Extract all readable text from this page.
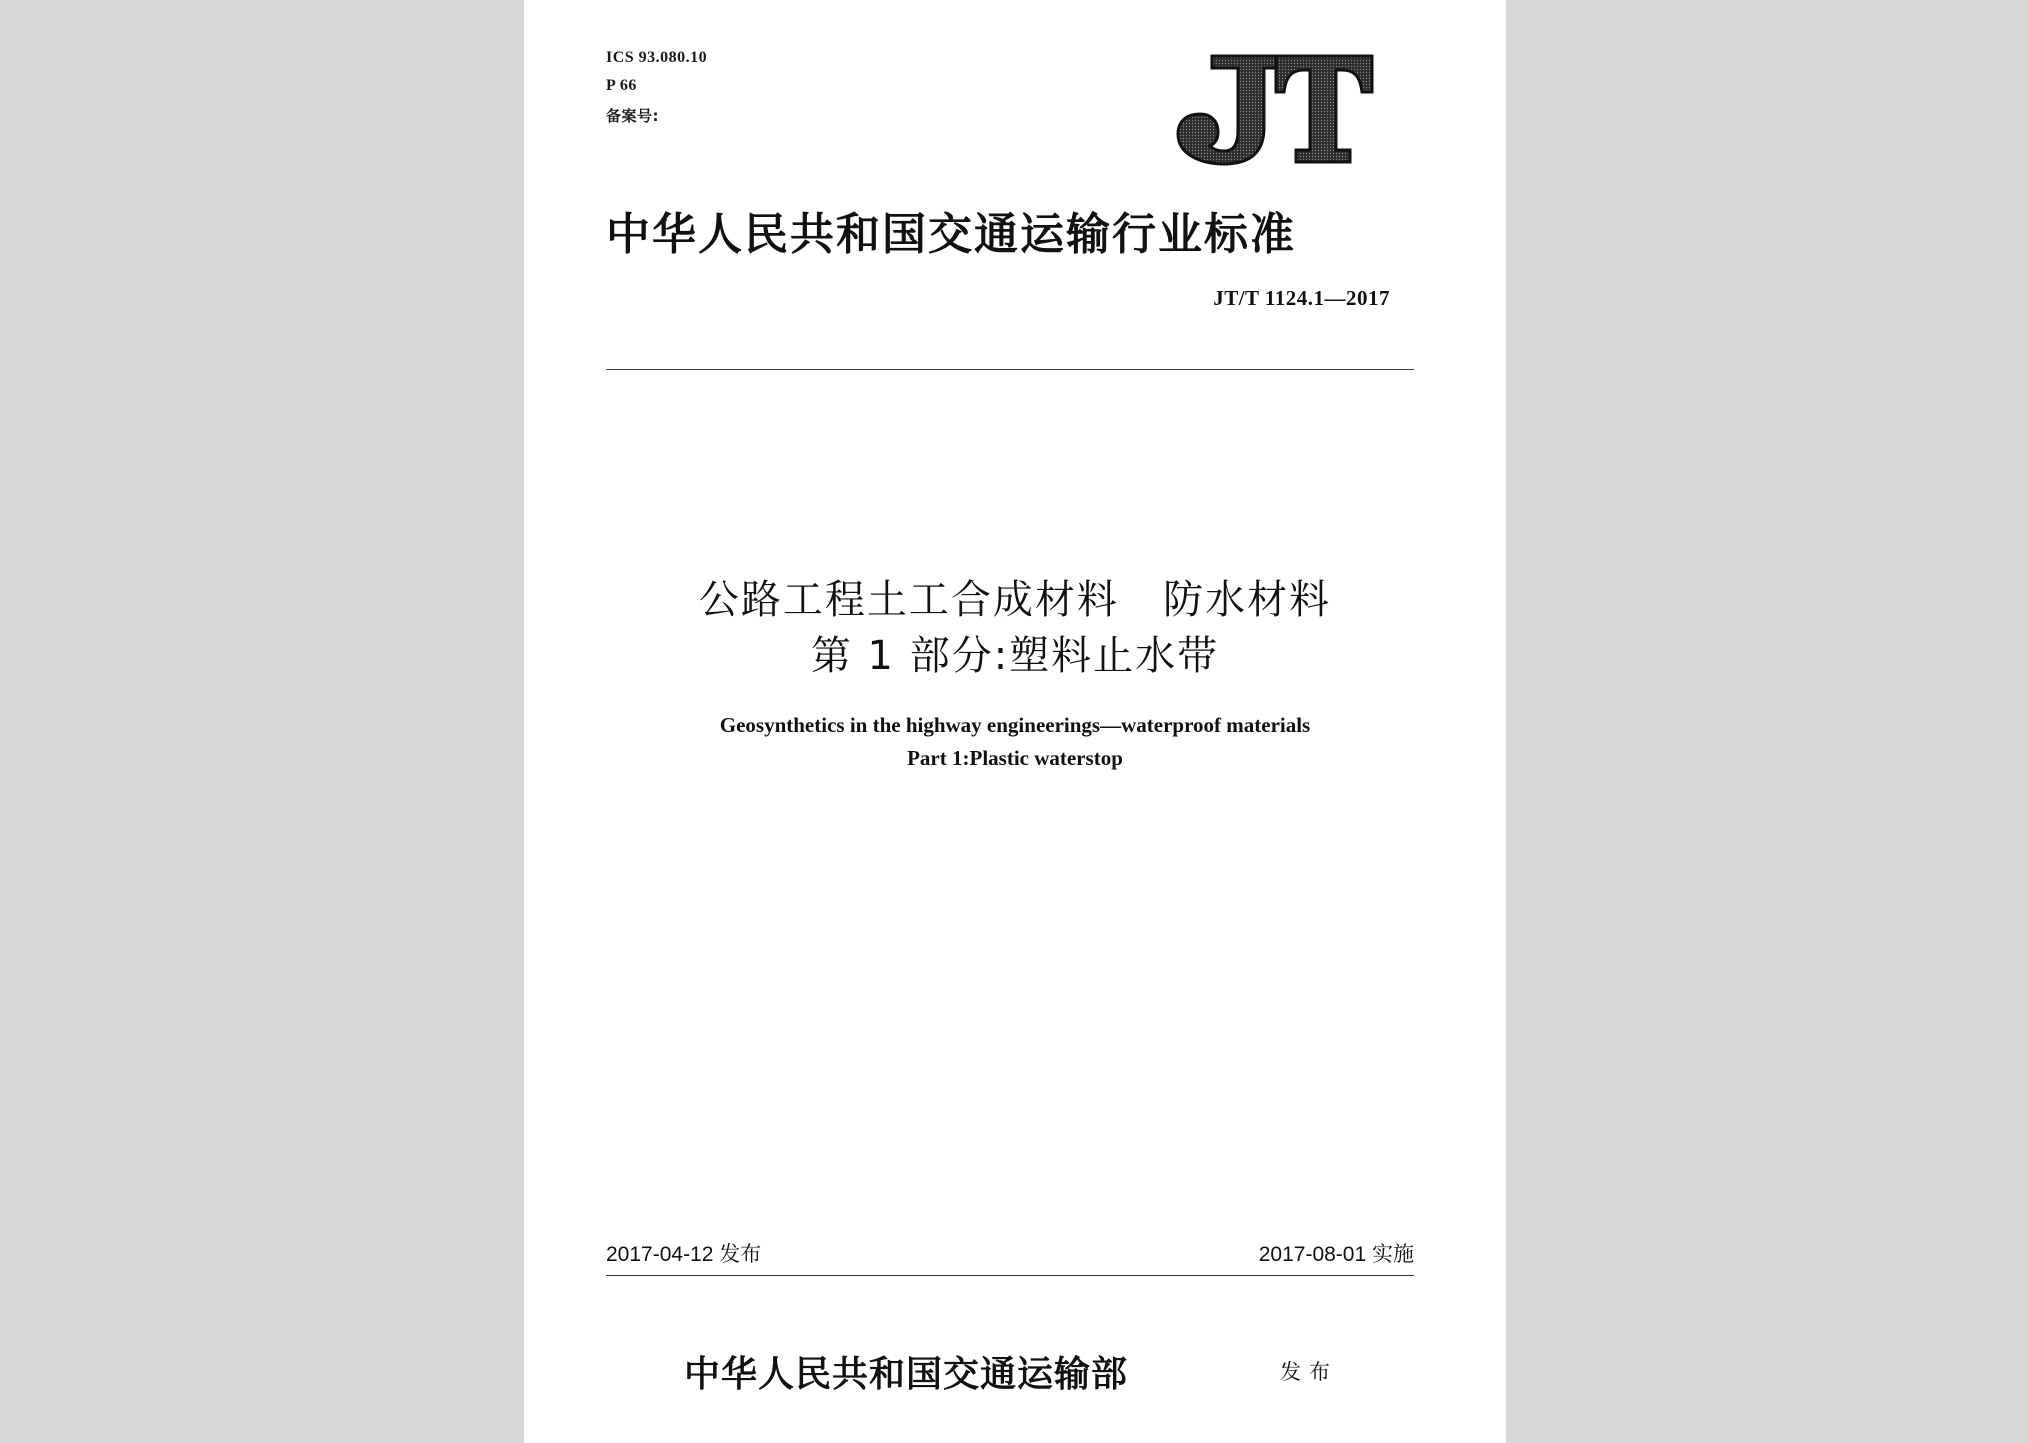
ICS 93.080.10
P 66
备案号:
JT
中华人民共和国交通运输行业标准
JT/T 1124.1—2017
公路工程土工合成材料   防水材料
第 1 部分:塑料止水带
Geosynthetics in the highway engineerings—waterproof materials
Part 1:Plastic waterstop
2017-04-12 发布	2017-08-01 实施
中华人民共和国交通运输部	发布
